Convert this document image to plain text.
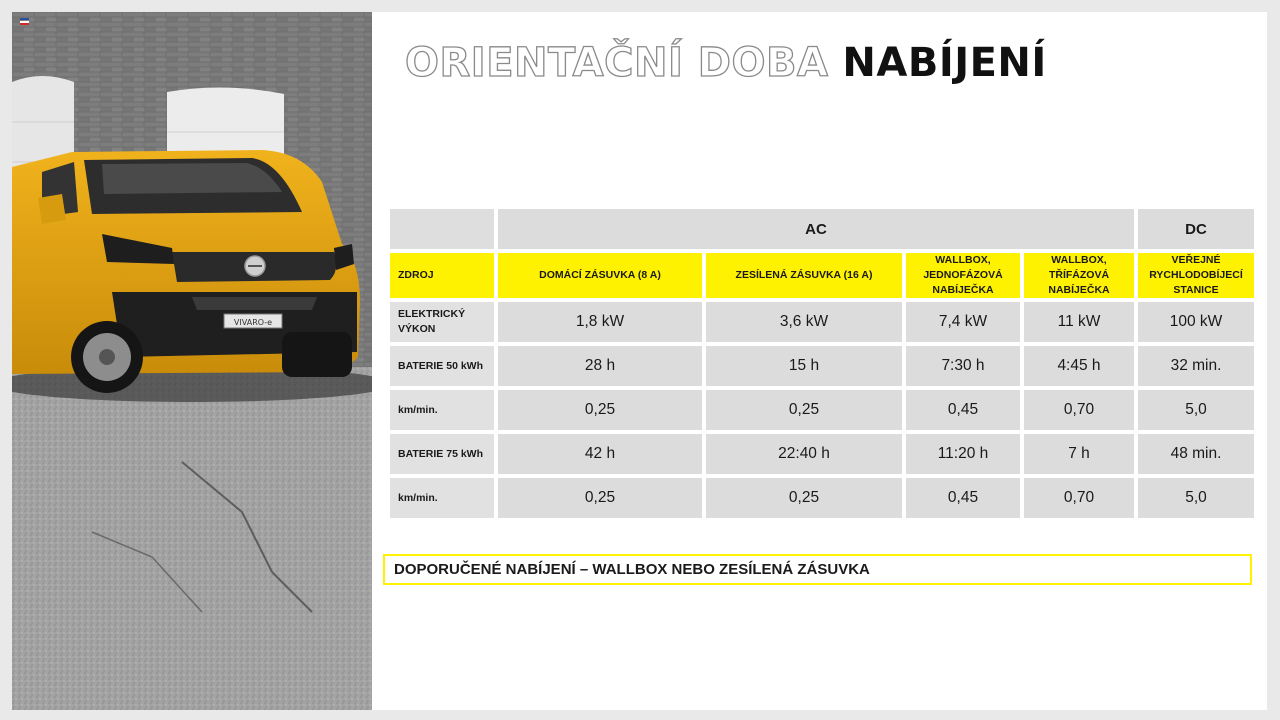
VIVARO-e
ORIENTAČNÍ DOBA NABÍJENÍ
	AC				DC
ZDROJ	DOMÁCÍ ZÁSUVKA (8 A)	ZESÍLENÁ ZÁSUVKA (16 A)	WALLBOX, JEDNOFÁZOVÁ NABÍJEČKA	WALLBOX, TŘÍFÁZOVÁ NABÍJEČKA	VEŘEJNÉ RYCHLODOBÍJECÍ STANICE
ELEKTRICKÝ VÝKON	1,8 kW	3,6 kW	7,4 kW	11 kW	100 kW
BATERIE 50 kWh	28 h	15 h	7:30 h	4:45 h	32 min.
km/min.	0,25	0,25	0,45	0,70	5,0
BATERIE 75 kWh	42 h	22:40 h	11:20 h	7 h	48 min.
km/min.	0,25	0,25	0,45	0,70	5,0
DOPORUČENÉ NABÍJENÍ – WALLBOX NEBO ZESÍLENÁ ZÁSUVKA
